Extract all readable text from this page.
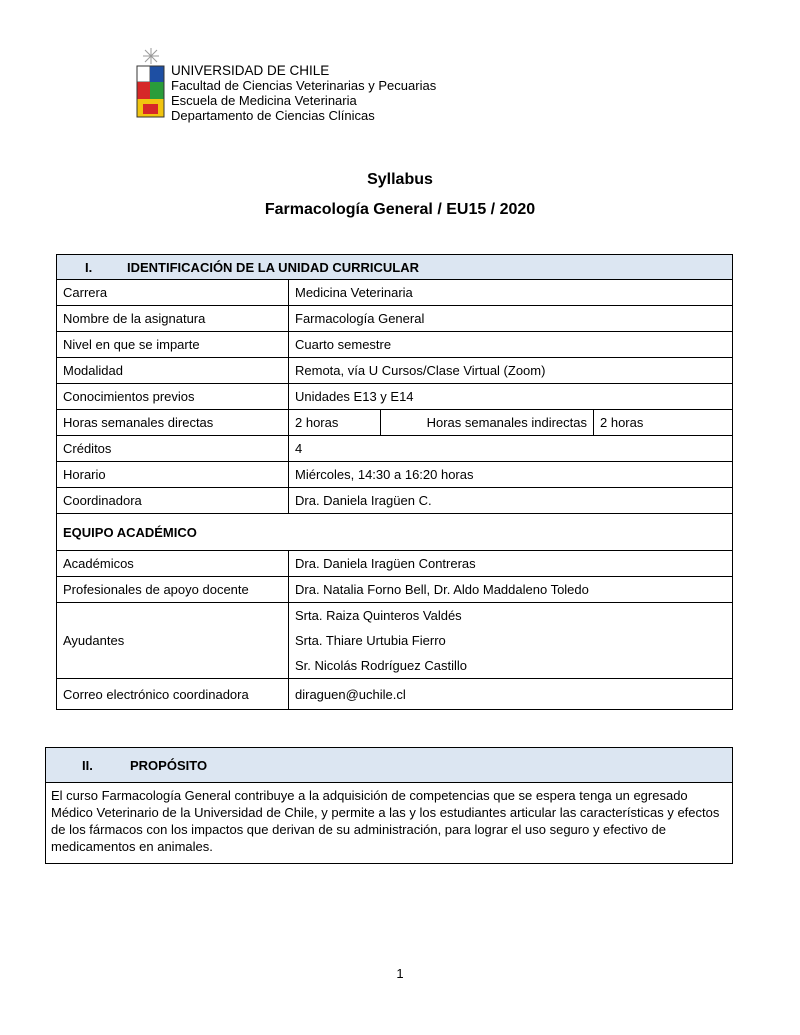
UNIVERSIDAD DE CHILE
Facultad de Ciencias Veterinarias y Pecuarias
Escuela de Medicina Veterinaria
Departamento de Ciencias Clínicas
Syllabus
Farmacología General / EU15 / 2020
I. IDENTIFICACIÓN DE LA UNIDAD CURRICULAR			
Carrera	Medicina Veterinaria		
Nombre de la asignatura	Farmacología General		
Nivel en que se imparte	Cuarto semestre		
Modalidad	Remota, vía U Cursos/Clase Virtual (Zoom)		
Conocimientos previos	Unidades E13 y E14		
Horas semanales directas	2 horas	Horas semanales indirectas	2 horas
Créditos	4		
Horario	Miércoles, 14:30 a 16:20 horas		
Coordinadora	Dra. Daniela Iragüen C.		
EQUIPO ACADÉMICO			
Académicos	Dra. Daniela Iragüen Contreras		
Profesionales de apoyo docente	Dra. Natalia Forno Bell, Dr. Aldo Maddaleno Toledo		
Ayudantes	Srta. Raiza Quinteros Valdés
Srta. Thiare Urtubia Fierro
Sr. Nicolás Rodríguez Castillo		

Correo electrónico coordinadora	diraguen@uchile.cl		
II.	PROPÓSITO
El curso Farmacología General contribuye a la adquisición de competencias que se espera tenga un egresado Médico Veterinario de la Universidad de Chile, y permite a las y los estudiantes articular las características y efectos de los fármacos con los impactos que derivan de su administración, para lograr el uso seguro y efectivo de medicamentos en animales.
1
